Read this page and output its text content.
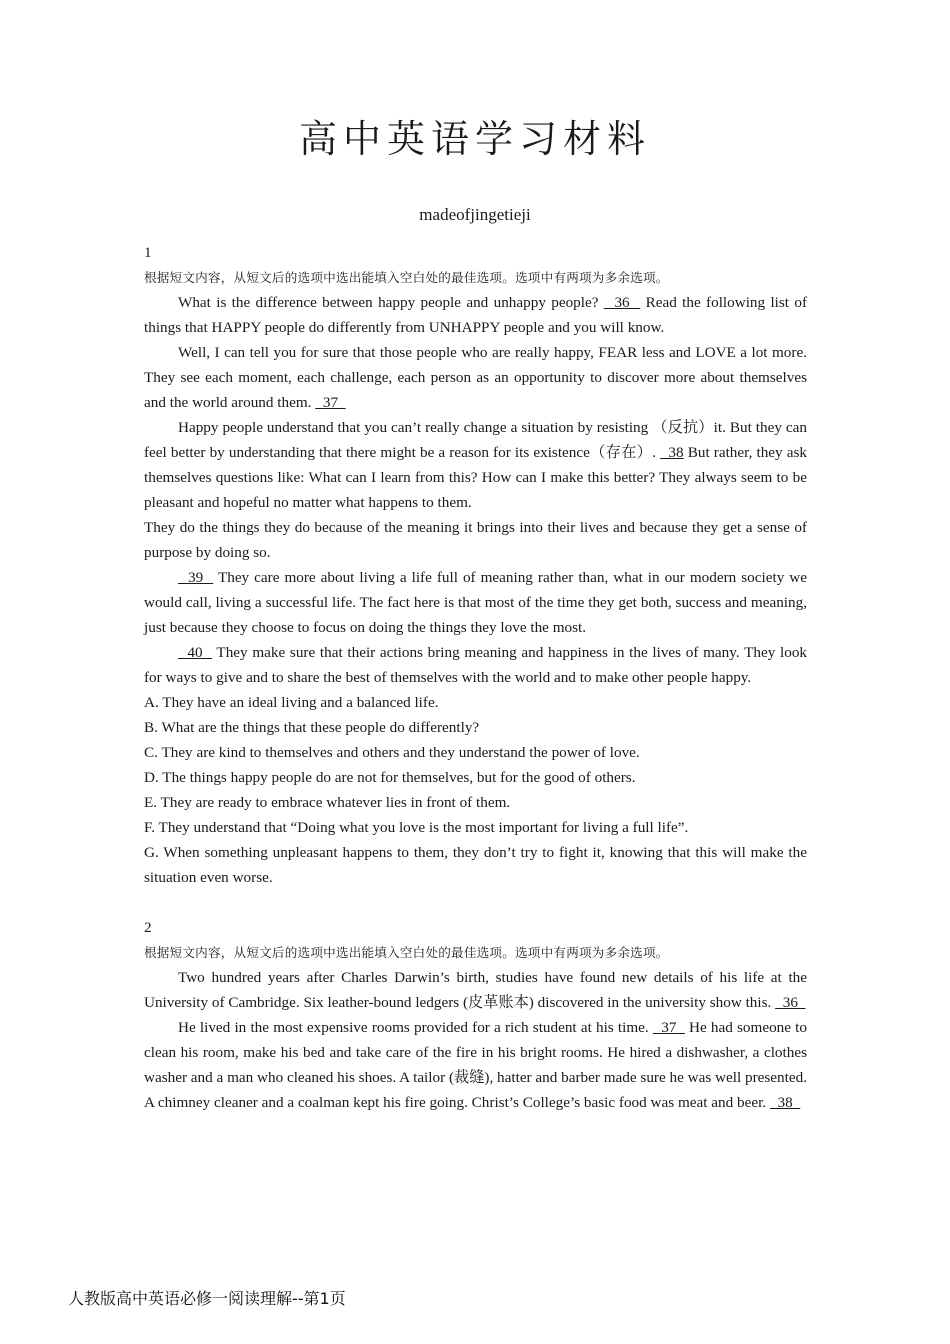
高中英语学习材料
madeofjingetieji

1

根据短文内容，从短文后的选项中选出能填入空白处的最佳选项。选项中有两项为多余选项。

What is the difference between happy people and unhappy people?   36   Read the following list of things that HAPPY people do differently from UNHAPPY people and you will know.

Well, I can tell you for sure that those people who are really happy, FEAR less and LOVE a lot more. They see each moment, each challenge, each person as an opportunity to discover more about themselves and the world around them.   37

Happy people understand that you can’t really change a situation by resisting （反抗）it. But they can feel better by understanding that there might be a reason for its existence（存在）.   38 But rather, they ask themselves questions like: What can I learn from this? How can I make this better? They always seem to be pleasant and hopeful no matter what happens to them.

They do the things they do because of the meaning it brings into their lives and because they get a sense of purpose by doing so.

39   They care more about living a life full of meaning rather than, what in our modern society we would call, living a successful life. The fact here is that most of the time they get both, success and meaning, just because they choose to focus on doing the things they love the most.

40   They make sure that their actions bring meaning and happiness in the lives of many. They look for ways to give and to share the best of themselves with the world and to make other people happy.

A. They have an ideal living and a balanced life.

B. What are the things that these people do differently?

C. They are kind to themselves and others and they understand the power of love.

D. The things happy people do are not for themselves, but for the good of others.

E. They are ready to embrace whatever lies in front of them.

F. They understand that “Doing what you love is the most important for living a full life”.

G. When something unpleasant happens to them, they don’t try to fight it, knowing that this will make the situation even worse.

2

根据短文内容，从短文后的选项中选出能填入空白处的最佳选项。选项中有两项为多余选项。

Two hundred years after Charles Darwin’s birth, studies have found new details of his life at the University of Cambridge. Six leather-bound ledgers (皮革账本) discovered in the university show this.   36

He lived in the most expensive rooms provided for a rich student at his time.   37   He had someone to clean his room, make his bed and take care of the fire in his bright rooms. He hired a dishwasher, a clothes washer and a man who cleaned his shoes. A tailor (裁缝), hatter and barber made sure he was well presented. A chimney cleaner and a coalman kept his fire going. Christ’s College’s basic food was meat and beer.   38

人教版高中英语必修一阅读理解--第1页
